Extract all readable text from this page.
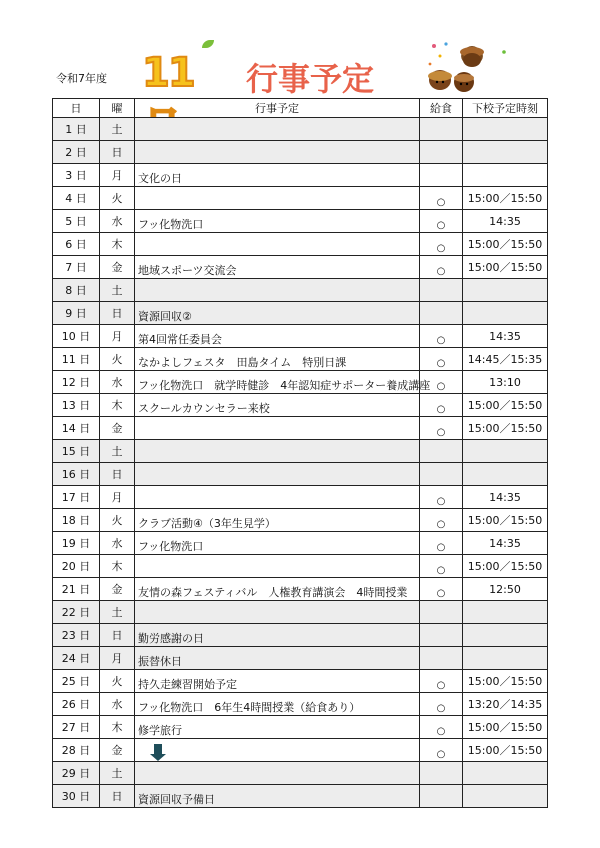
令和7年度 11 行事予定
日	曜	行事予定	給食	下校予定時刻
1 日	土			
2 日	日			
3 日	月	文化の日		
4 日	火		○	15:00／15:50
5 日	水	フッ化物洗口	○	14:35
6 日	木		○	15:00／15:50
7 日	金	地域スポーツ交流会	○	15:00／15:50
8 日	土			
9 日	日	資源回収②		
10 日	月	第4回常任委員会	○	14:35
11 日	火	なかよしフェスタ　田島タイム　特別日課	○	14:45／15:35
12 日	水	フッ化物洗口　就学時健診　4年認知症サポーター養成講座	○	13:10
13 日	木	スクールカウンセラー来校	○	15:00／15:50
14 日	金		○	15:00／15:50
15 日	土			
16 日	日			
17 日	月		○	14:35
18 日	火	クラブ活動④（3年生見学）	○	15:00／15:50
19 日	水	フッ化物洗口	○	14:35
20 日	木		○	15:00／15:50
21 日	金	友情の森フェスティバル　人権教育講演会　4時間授業	○	12:50
22 日	土			
23 日	日	勤労感謝の日		
24 日	月	振替休日		
25 日	火	持久走練習開始予定	○	15:00／15:50
26 日	水	フッ化物洗口　6年生4時間授業（給食あり）	○	13:20／14:35
27 日	木	修学旅行	○	15:00／15:50
28 日	金		○	15:00／15:50
29 日	土			
30 日	日	資源回収予備日		
